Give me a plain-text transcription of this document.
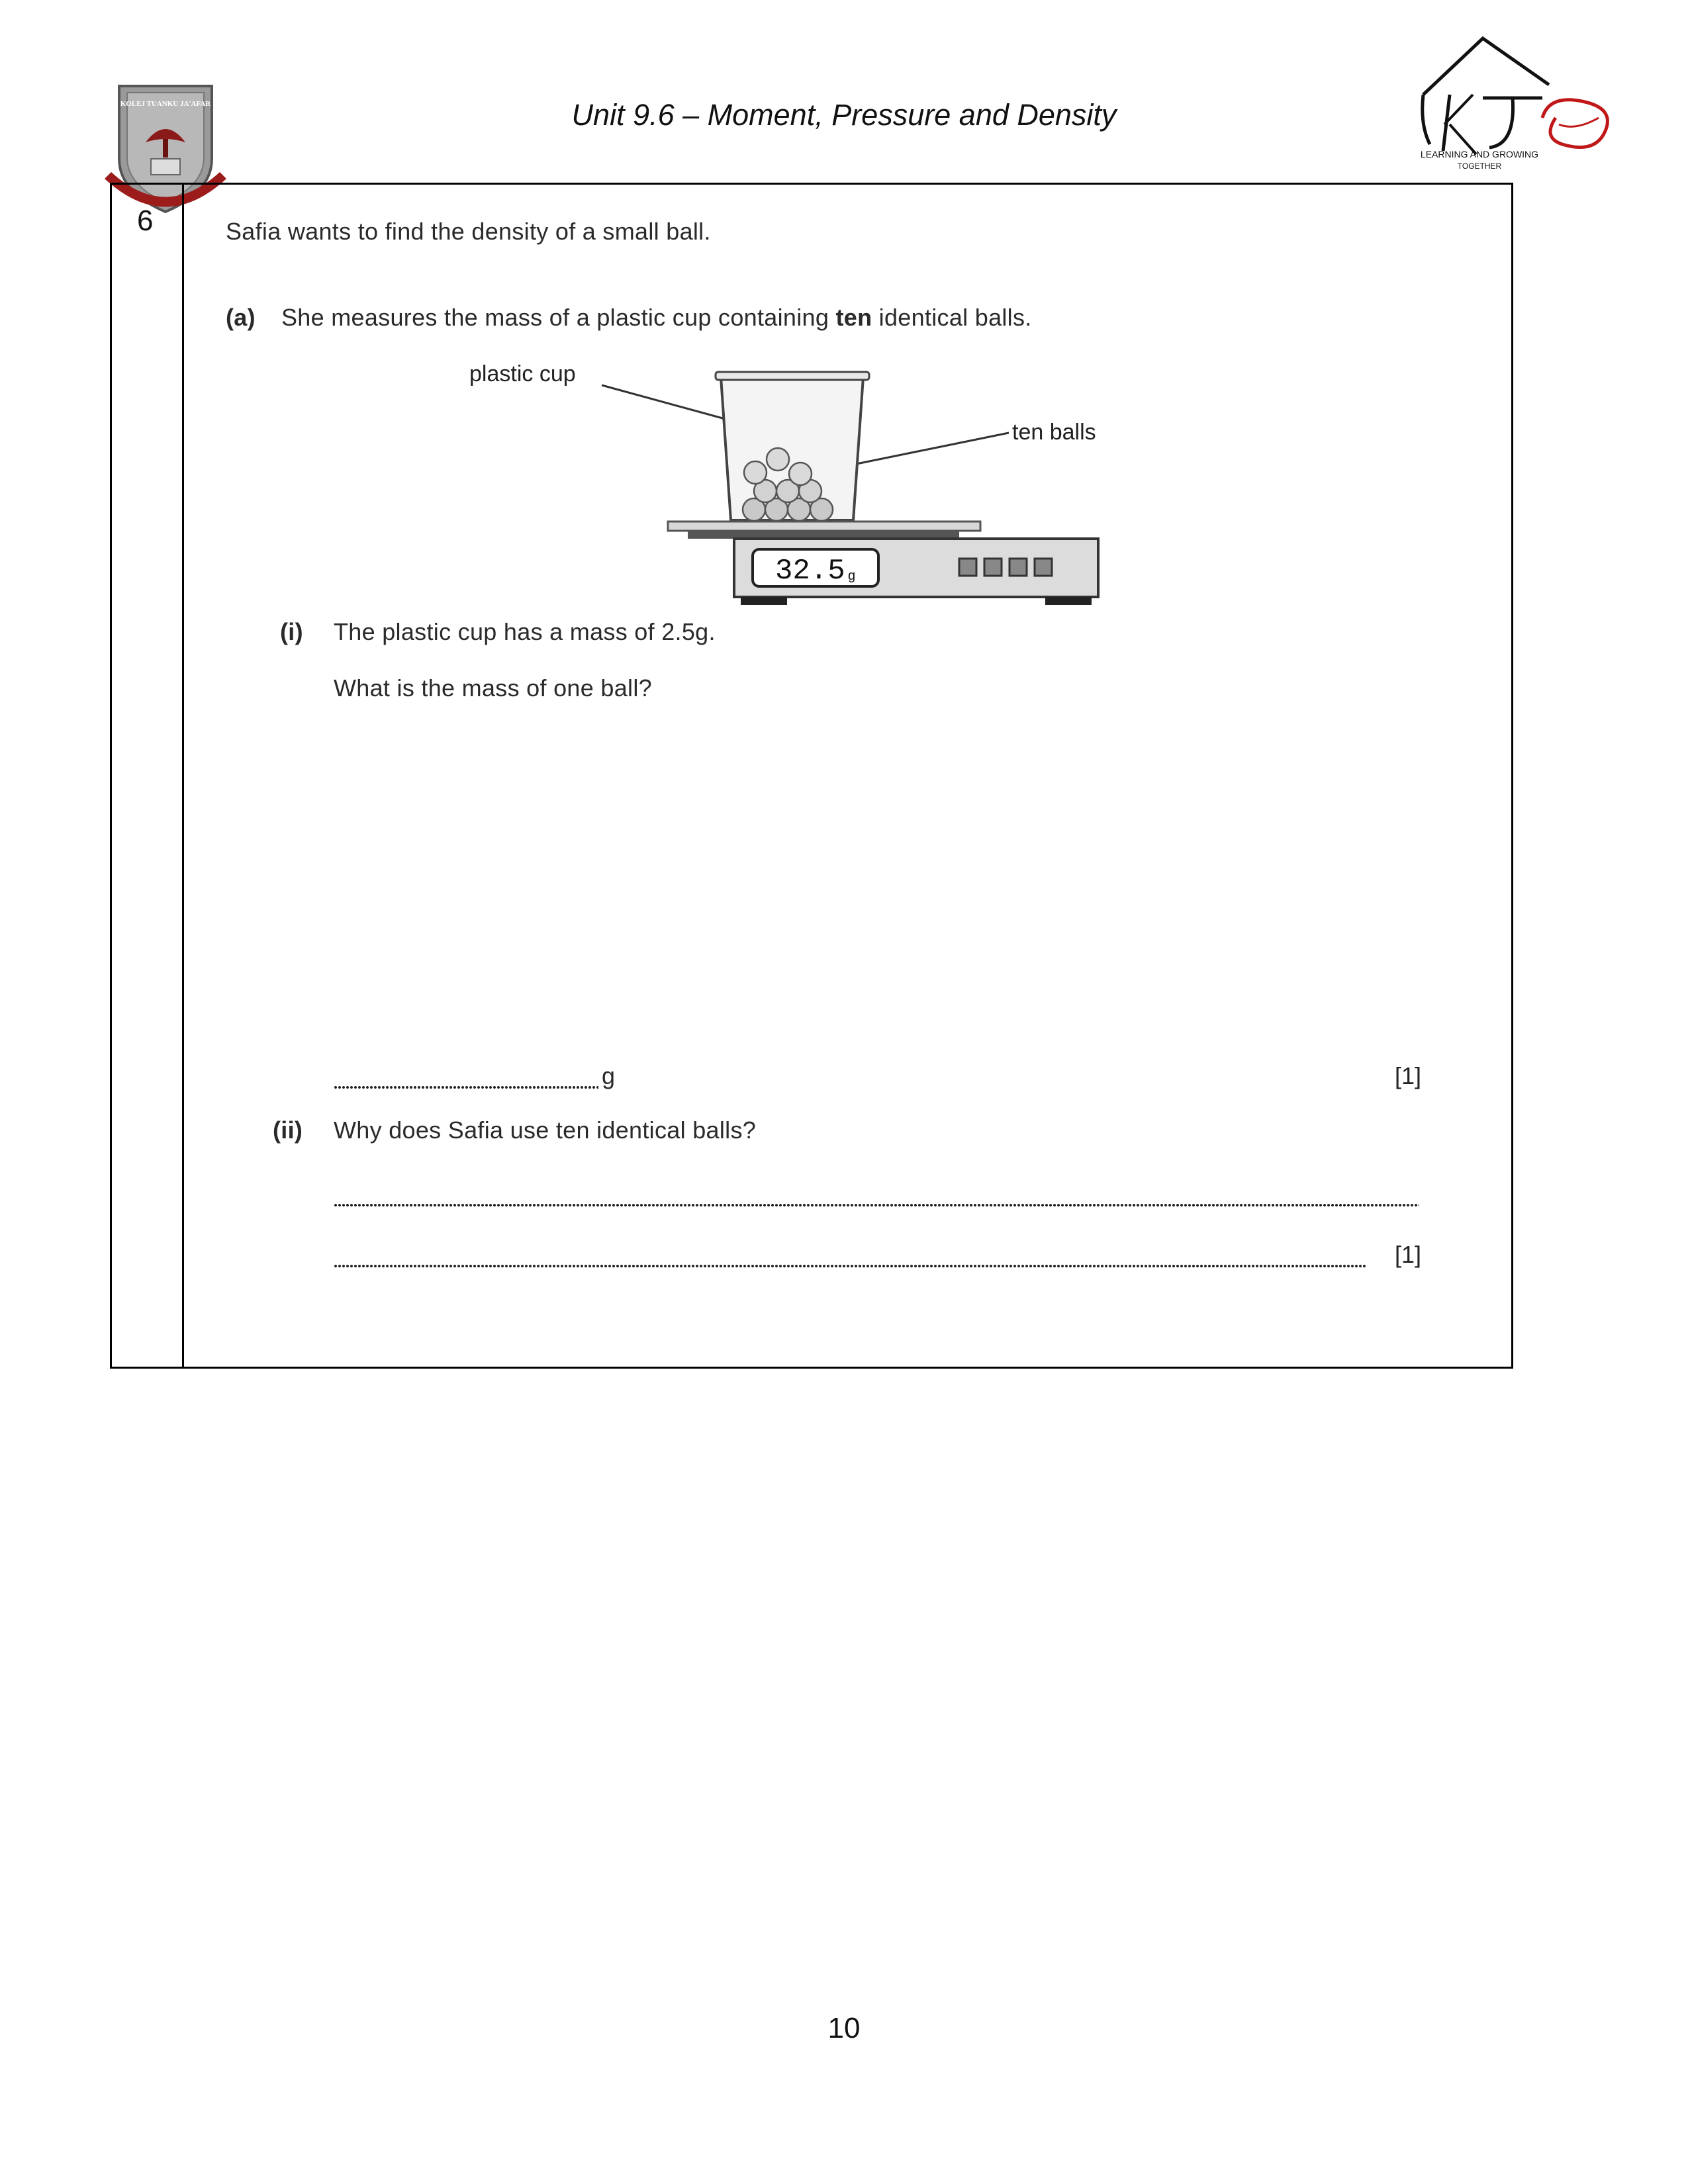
KOLEJ TUANKU JA'AFAR	Unit 9.6 – Moment, Pressure and Density
LEARNING AND GROWING
TOGETHER
KTJ
6	Safia wants to find the density of a small ball.
(a) She measures the mass of a plastic cup containing ten identical balls.
plastic cup
ten balls
32.5 g
(i) The plastic cup has a mass of 2.5g.
What is the mass of one ball?
g	[1]
(ii) Why does Safia use ten identical balls?
[1]
10
